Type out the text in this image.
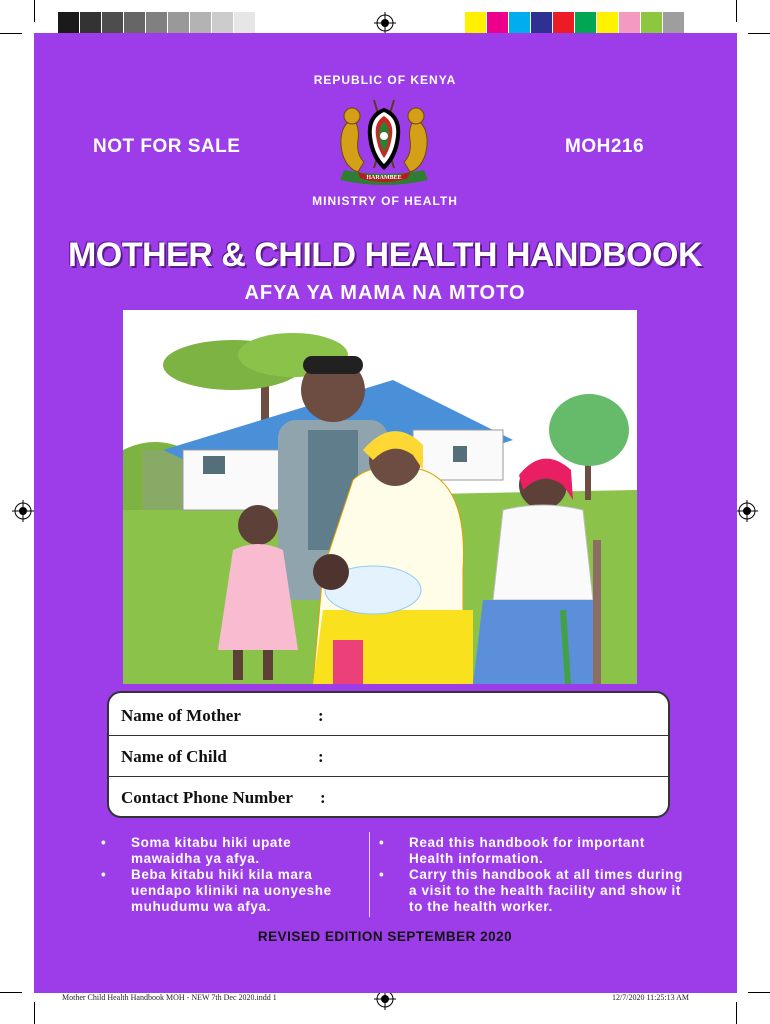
REPUBLIC OF KENYA
NOT FOR SALE	MOH216
HARAMBEE
MINISTRY OF HEALTH
MOTHER & CHILD HEALTH HANDBOOK
AFYA YA MAMA NA MTOTO
Name of Mother	:
Name of Child	:
Contact Phone Number :
• Soma kitabu hiki upate mawaidha ya afya.
• Beba kitabu hiki kila mara uendapo kliniki na uonyeshe muhudumu wa afya.
• Read this handbook for important Health information.
• Carry this handbook at all times during a visit to the health facility and show it to the health worker.
REVISED EDITION SEPTEMBER 2020
Mother Child Health Handbook MOH - NEW 7th Dec 2020.indd 1	12/7/2020 11:25:13 AM
